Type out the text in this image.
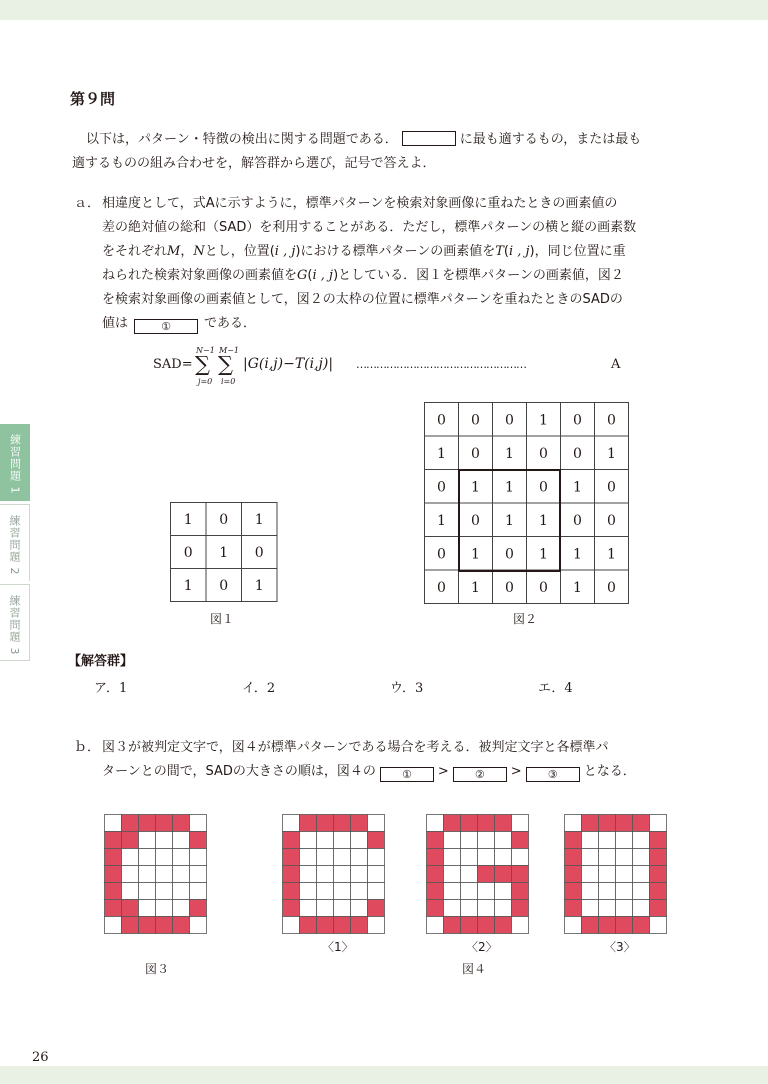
練習問題 1
練習問題 2
練習問題 3
第９問
以下は，パターン・特徴の検出に関する問題である．	に最も適するもの，または最も
適するものの組み合わせを，解答群から選び，記号で答えよ．
ａ． 相違度として，式Aに示すように，標準パターンを検索対象画像に重ねたときの画素値の
差の絶対値の総和（SAD）を利用することがある．ただし，標準パターンの横と縦の画素数
をそれぞれM，Nとし，位置(i , j)における標準パターンの画素値をT(i , j)，同じ位置に重
ねられた検索対象画像の画素値をG(i , j)としている．図１を標準パターンの画素値，図２
を検索対象画像の画素値として，図２の太枠の位置に標準パターンを重ねたときのSADの
値は	①	である．
SAD=
N−1
∑
j=0
M−1
∑
i=0
|G(i,j)−T(i,j)| ……………………………………………	A
1 0 1
0 1 0
1 0 1
図１
0 0 0 1 0 0
1 0 1 0 0 1
0 1 1 0 1 0
1 0 1 1 0 0
0 1 0 1 1 1
0 1 0 0 1 0
図２
【解答群】
ア．1	イ．2	ウ．3	エ．4
ｂ． 図３が被判定文字で，図４が標準パターンである場合を考える．被判定文字と各標準パ
ターンとの間で，SADの大きさの順は，図４の ① > ② > ③ となる．
〈1〉	〈2〉	〈3〉
図３	図４
26
